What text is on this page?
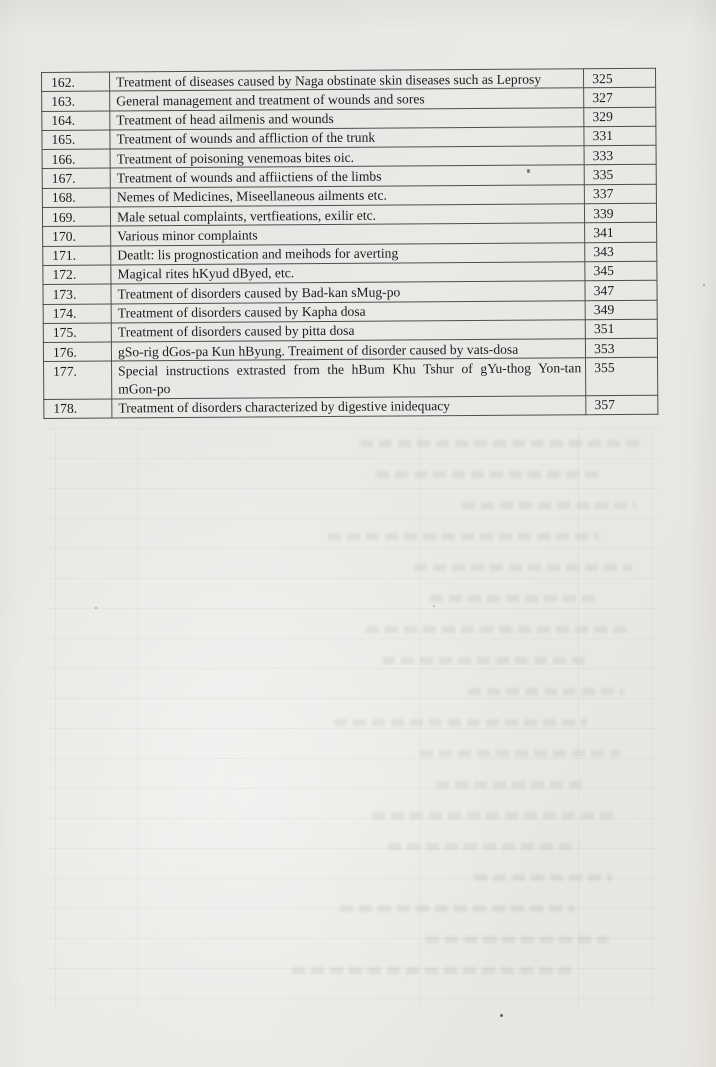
162.	Treatment of diseases caused by Naga obstinate skin diseases such as Leprosy	325
163.	General management and treatment of wounds and sores	327
164.	Treatment of head ailmenis and wounds	329
165.	Treatment of wounds and affliction of the trunk	331
166.	Treatment of poisoning venemoas bites oic.	333
167.	Treatment of wounds and affiictiens of the limbs	335
168.	Nemes of Medicines, Miseellaneous ailments etc.	337
169.	Male setual complaints, vertfieations, exilir etc.	339
170.	Various minor complaints	341
171.	Deatlt: lis prognostication and meihods for averting	343
172.	Magical rites hKyud dByed, etc.	345
173.	Treatment of disorders caused by Bad-kan sMug-po	347
174.	Treatment of disorders caused by Kapha dosa	349
175.	Treatment of disorders caused by pitta dosa	351
176.	gSo-rig dGos-pa Kun hByung. Treaiment of disorder caused by vats-dosa	353
177.	Special instructions extrasted from the hBum Khu Tshur of gYu-thog Yon-tan mGon-po	355
178.	Treatment of disorders characterized by digestive inidequacy	357
